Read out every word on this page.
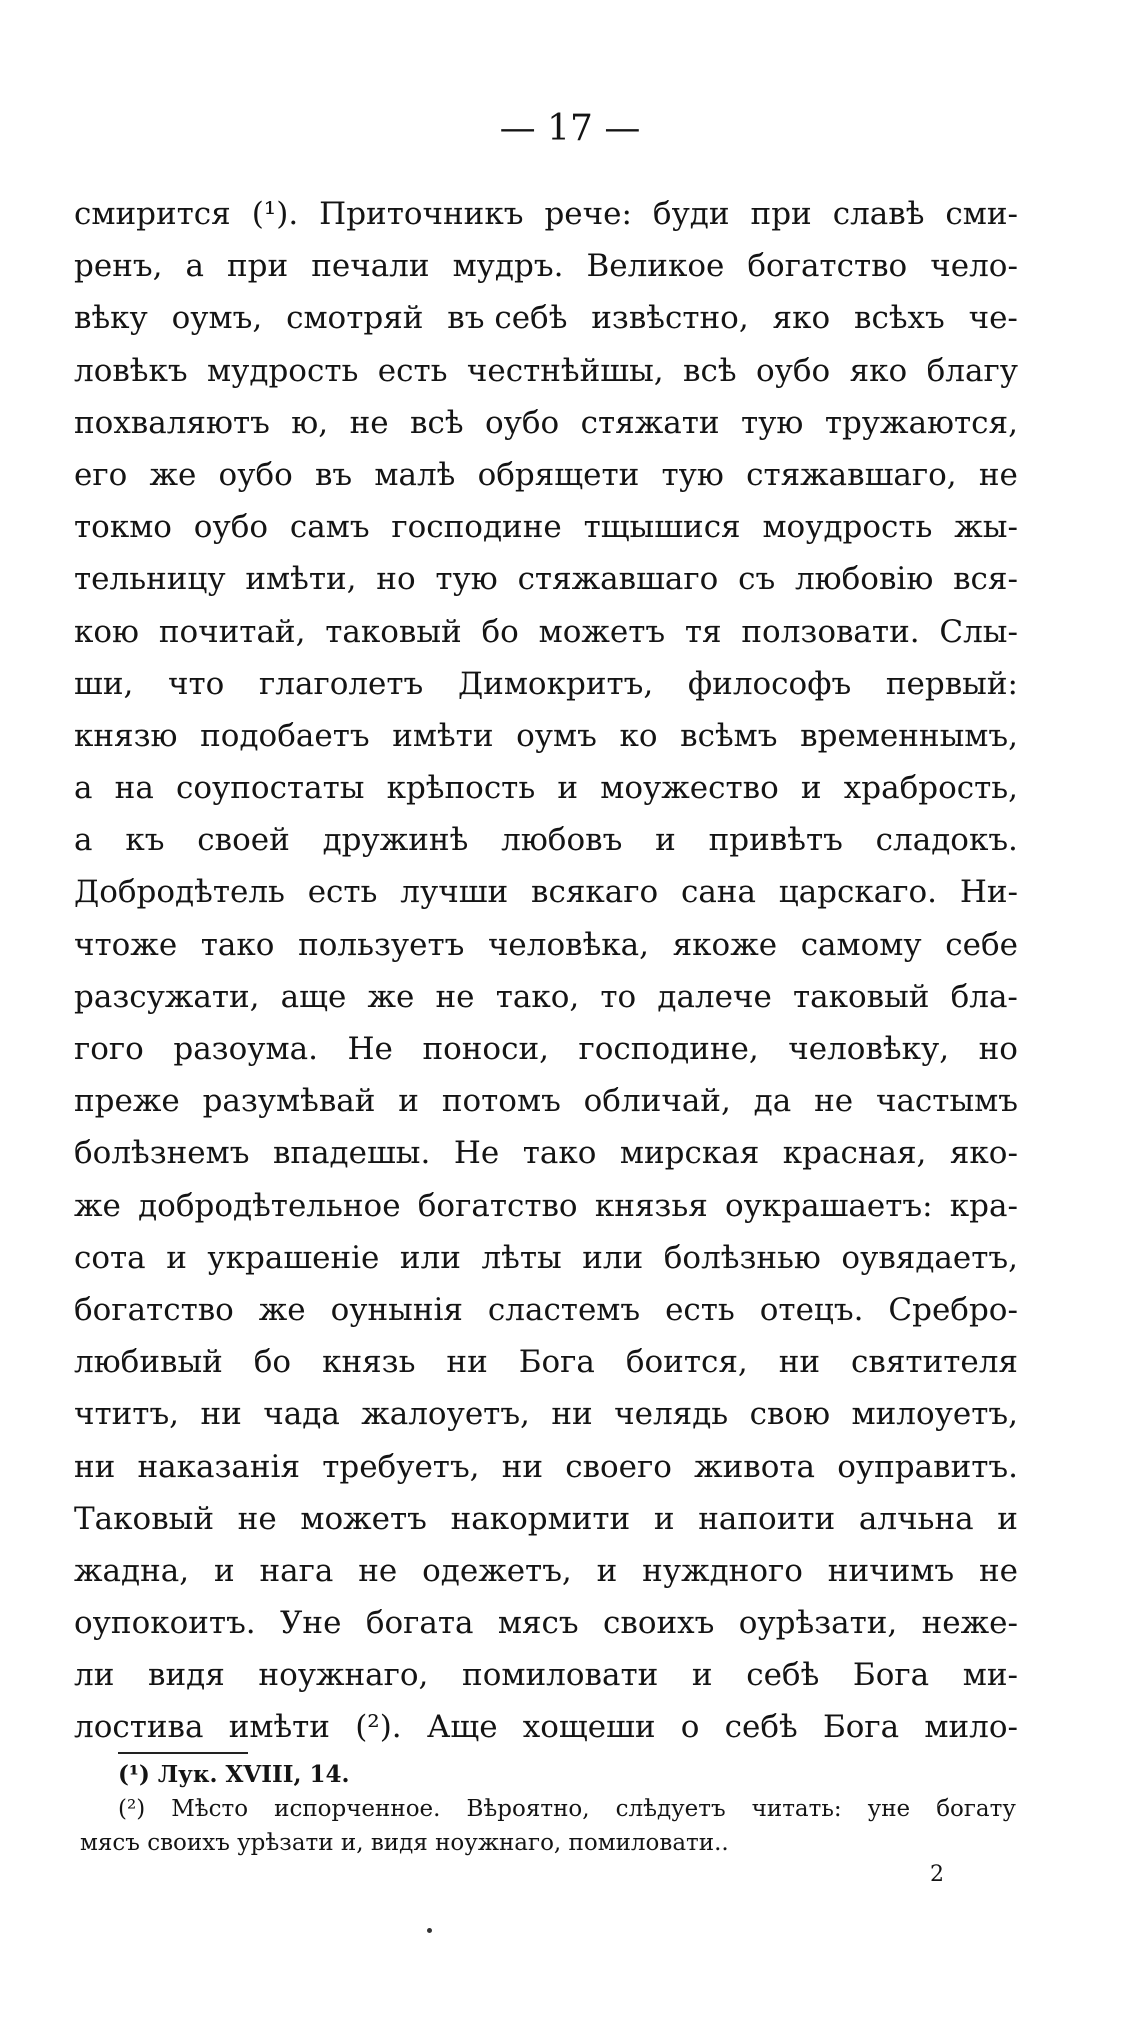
— 17 —
смирится (¹). Приточникъ рече: буди при славѣ сми-
ренъ, а при печали мудръ. Великое богатство чело-
вѣку оумъ, смотряй въ себѣ извѣстно, яко всѣхъ че-
ловѣкъ мудрость есть честнѣйшы, всѣ оубо яко благу
похваляютъ ю, не всѣ оубо стяжати тую тружаются,
его же оубо въ малѣ обрящети тую стяжавшаго, не
токмо оубо самъ господине тщышися моудрость жы-
тельницу имѣти, но тую стяжавшаго съ любовію вся-
кою почитай, таковый бо можетъ тя ползовати. Слы-
ши, что глаголетъ Димокритъ, философъ первый:
князю подобаетъ имѣти оумъ ко всѣмъ временнымъ,
а на соупостаты крѣпость и моужество и храбрость,
а къ своей дружинѣ любовъ и привѣтъ сладокъ.
Добродѣтель есть лучши всякаго сана царскаго. Ни-
чтоже тако пользуетъ человѣка, якоже самому себе
разсужати, аще же не тако, то далече таковый бла-
гого разоума. Не поноси, господине, человѣку, но
преже разумѣвай и потомъ обличай, да не частымъ
болѣзнемъ впадешы. Не тако мирская красная, яко-
же добродѣтельное богатство князья оукрашаетъ: кра-
сота и украшеніе или лѣты или болѣзнью оувядаетъ,
богатство же оунынія сластемъ есть отецъ. Сребро-
любивый бо князь ни Бога боится, ни святителя
чтитъ, ни чада жалоуетъ, ни челядь свою милоуетъ,
ни наказанія требуетъ, ни своего живота оуправитъ.
Таковый не можетъ накормити и напоити алчьна и
жадна, и нага не одежетъ, и нуждного ничимъ не
оупокоитъ. Уне богата мясъ своихъ оурѣзати, неже-
ли видя ноужнаго, помиловати и себѣ Бога ми-
лостива имѣти (²). Аще хощеши о себѣ Бога мило-
(¹) Лук. XVIII, 14.
(²) Мѣсто испорченное. Вѣроятно, слѣдуетъ читать: уне богату
мясъ своихъ урѣзати и, видя ноужнаго, помиловати..
2
